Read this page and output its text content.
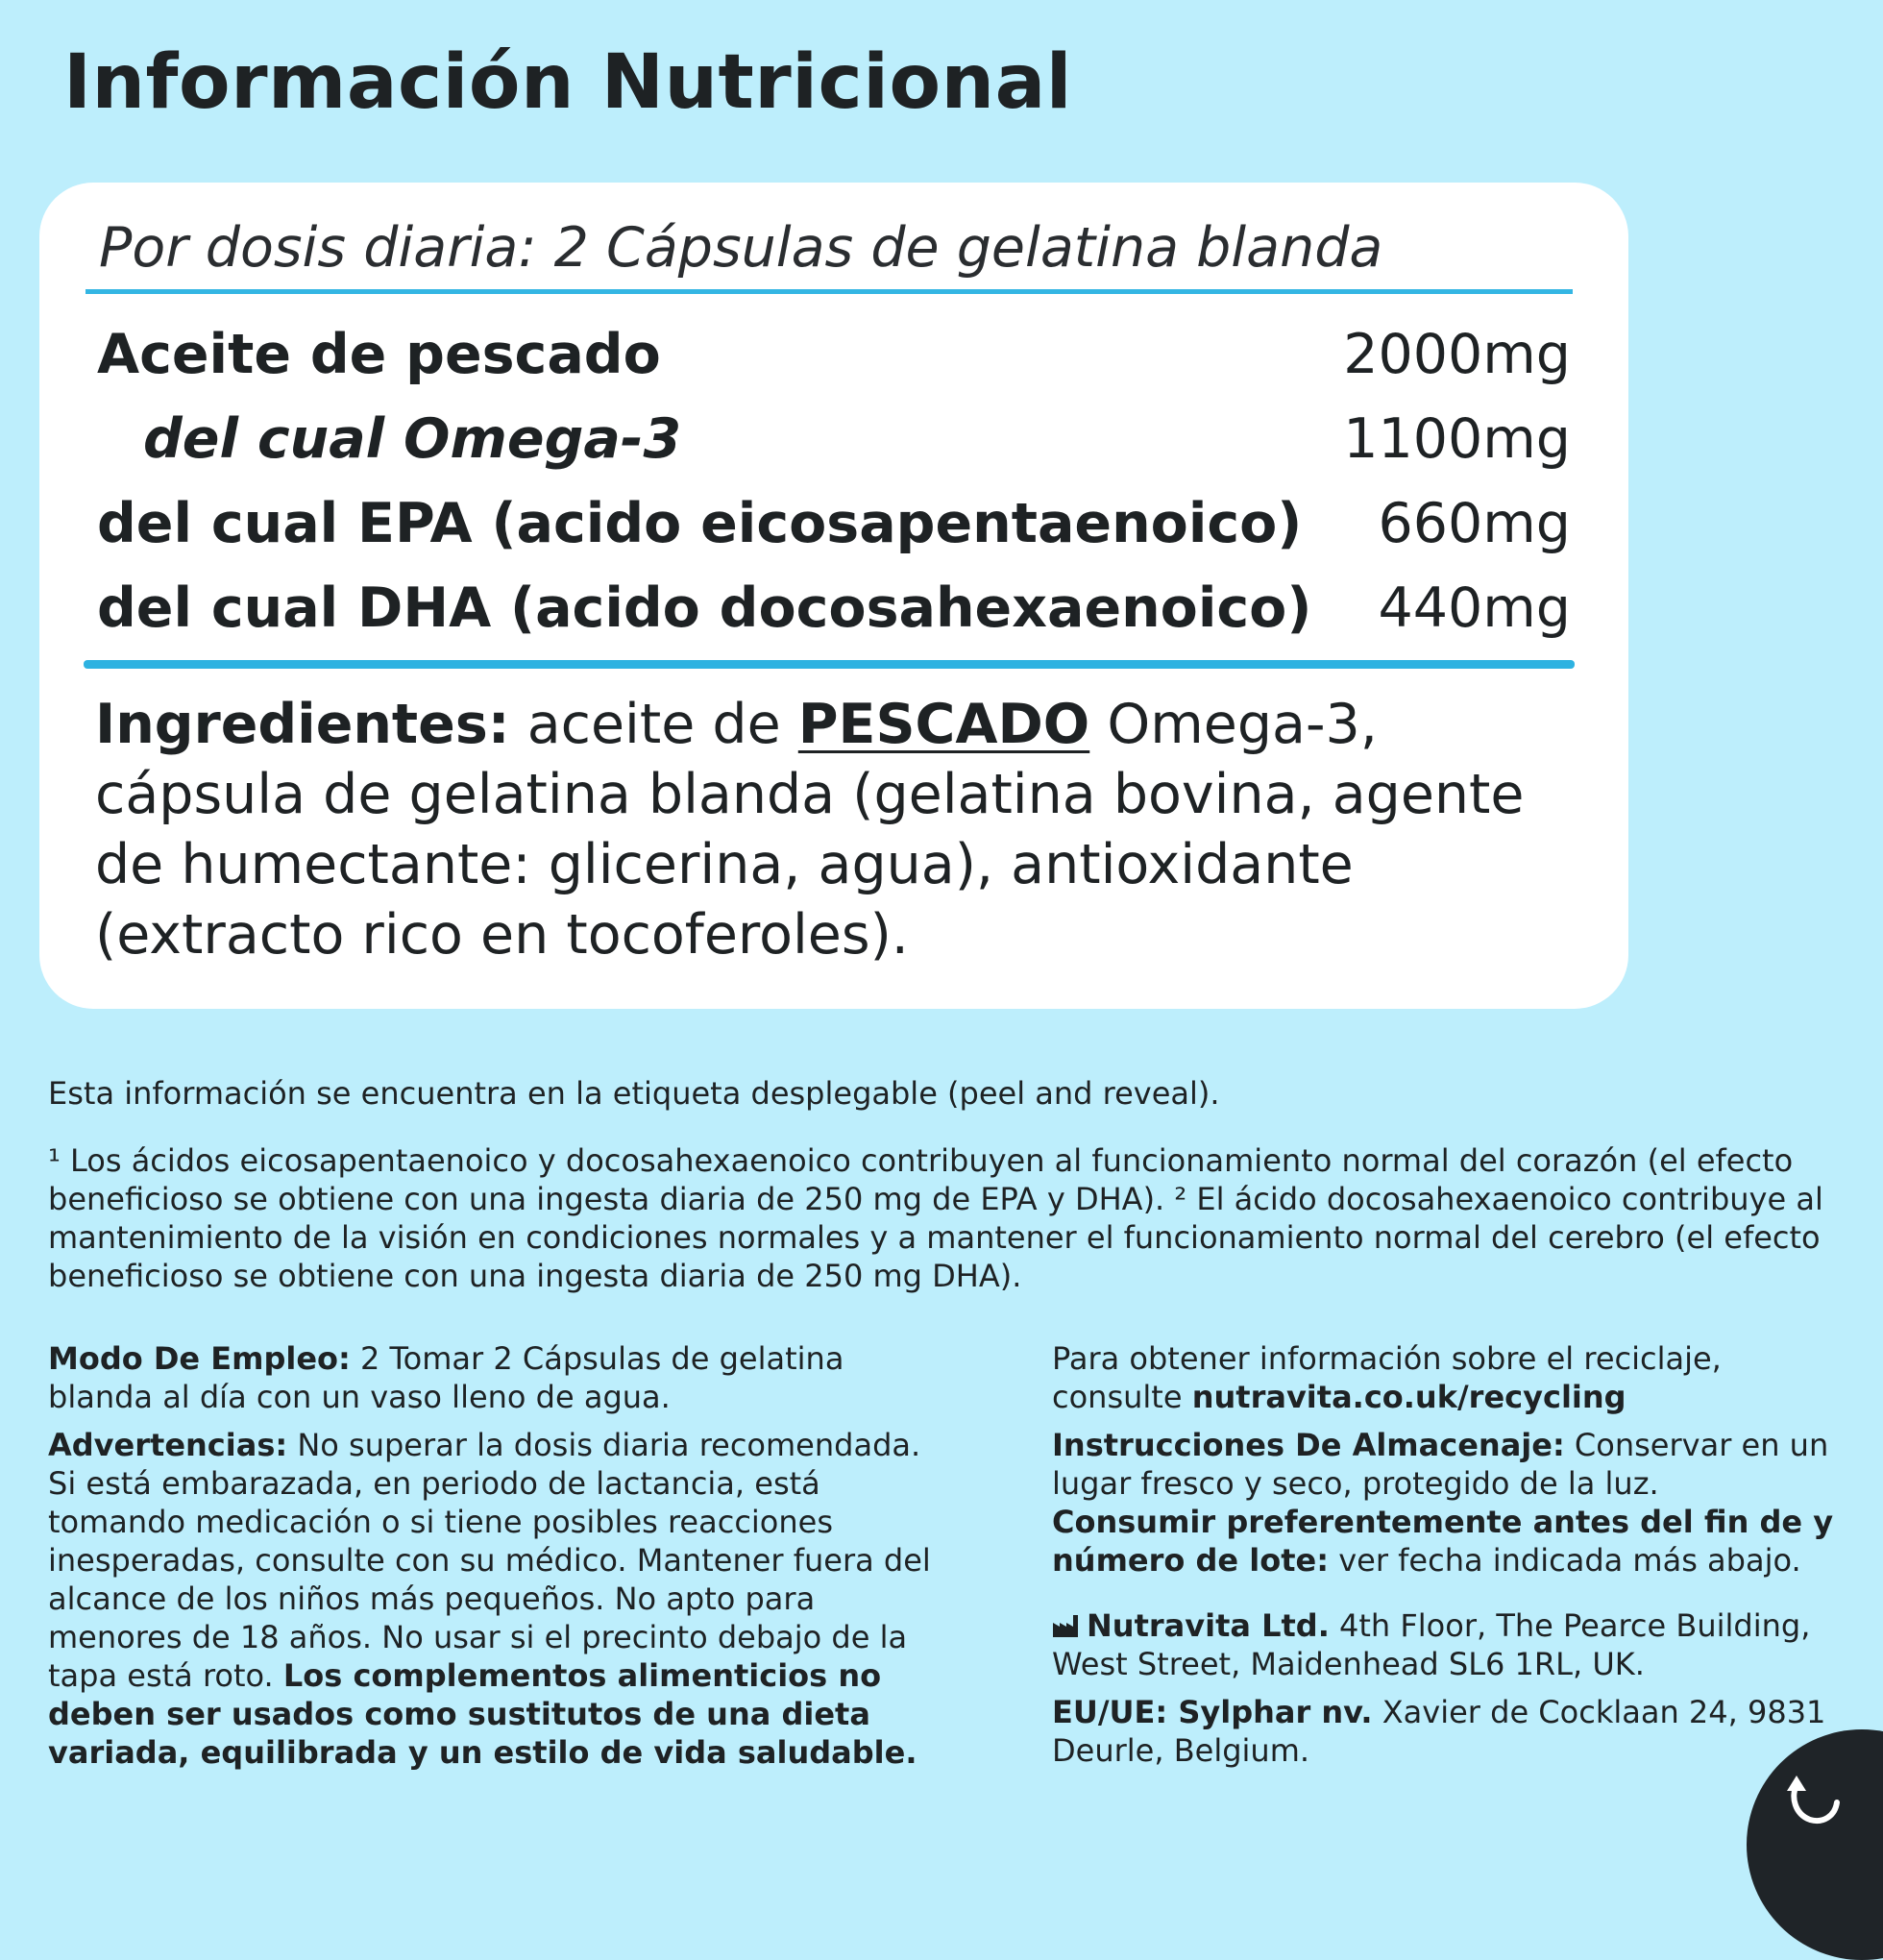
Información Nutricional
Por dosis diaria: 2 Cápsulas de gelatina blanda
Aceite de pescado	2000mg
del cual Omega-3	1100mg
del cual EPA (acido eicosapentaenoico) 660mg
del cual DHA (acido docosahexaenoico) 440mg
Ingredientes: aceite de PESCADO Omega-3, cápsula de gelatina blanda (gelatina bovina, agente de humectante: glicerina, agua), antioxidante (extracto rico en tocoferoles).
Esta información se encuentra en la etiqueta desplegable (peel and reveal).
¹ Los ácidos eicosapentaenoico y docosahexaenoico contribuyen al funcionamiento normal del corazón (el efecto beneficioso se obtiene con una ingesta diaria de 250 mg de EPA y DHA). ² El ácido docosahexaenoico contribuye al mantenimiento de la visión en condiciones normales y a mantener el funcionamiento normal del cerebro (el efecto beneficioso se obtiene con una ingesta diaria de 250 mg DHA).

Modo De Empleo: 2 Tomar 2 Cápsulas de gelatina blanda al día con un vaso lleno de agua.

Advertencias: No superar la dosis diaria recomendada. Si está embarazada, en periodo de lactancia, está tomando medicación o si tiene posibles reacciones inesperadas, consulte con su médico. Mantener fuera del alcance de los niños más pequeños. No apto para menores de 18 años. No usar si el precinto debajo de la tapa está roto. Los complementos alimenticios no deben ser usados como sustitutos de una dieta variada, equilibrada y un estilo de vida saludable.

Para obtener información sobre el reciclaje, consulte nutravita.co.uk/recycling

Instrucciones De Almacenaje: Conservar en un lugar fresco y seco, protegido de la luz.
Consumir preferentemente antes del fin de y número de lote: ver fecha indicada más abajo.

Nutravita Ltd. 4th Floor, The Pearce Building, West Street, Maidenhead SL6 1RL, UK.

EU/UE: Sylphar nv. Xavier de Cocklaan 24, 9831 Deurle, Belgium.
